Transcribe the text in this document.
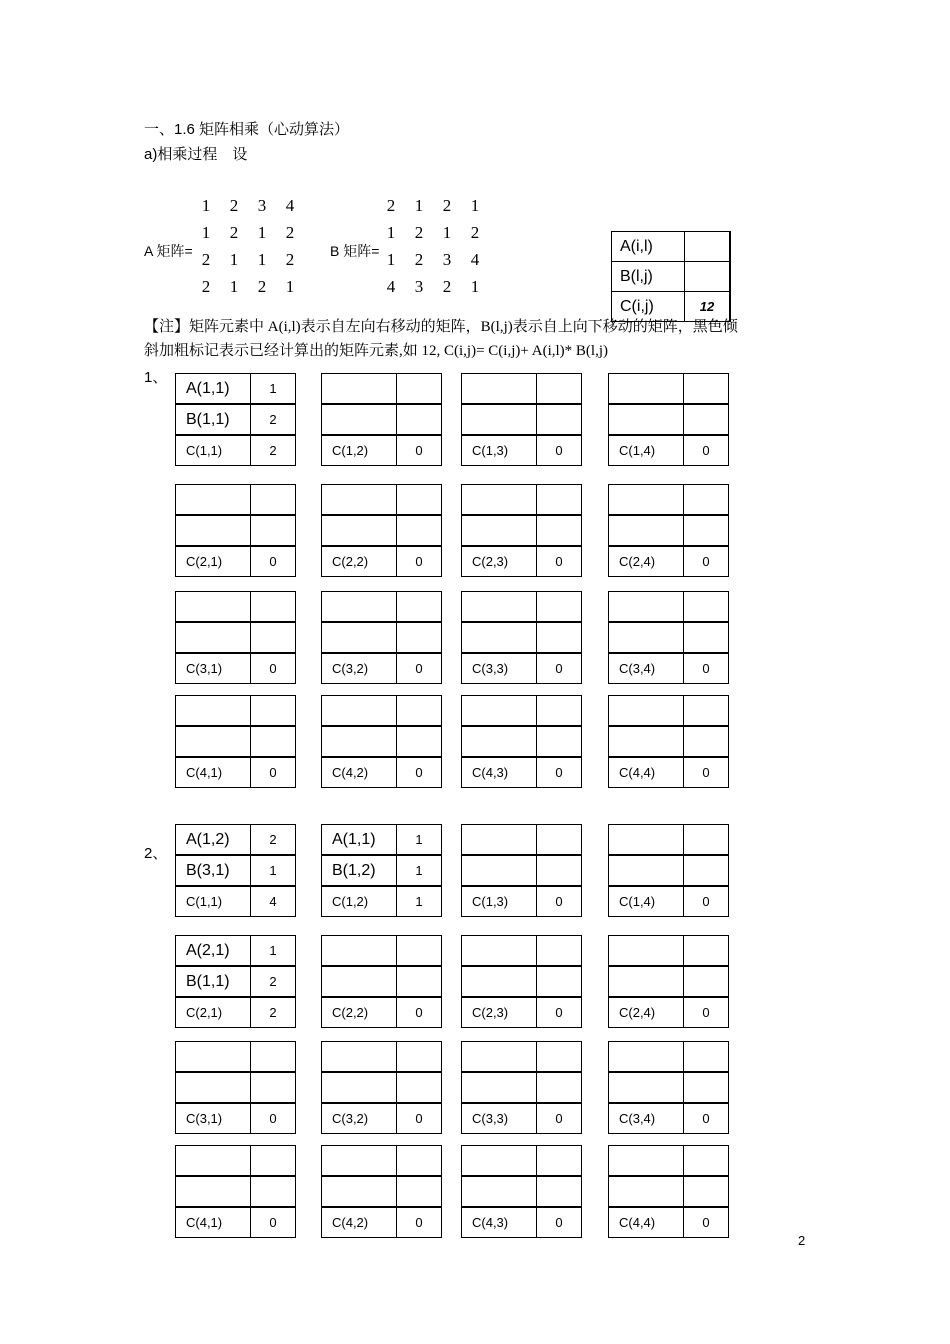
一、1.6 矩阵相乘（心动算法）
a)相乘过程　设
A 矩阵=
1 2 3 4
1 2 1 2
2 1 1 2
2 1 2 1
B 矩阵=
2 1 2 1
1 2 1 2
1 2 3 4
4 3 2 1
A(i,l)	
B(l,j)	
C(i,j)	12
【注】矩阵元素中 A(i,l)表示自左向右移动的矩阵，B(l,j)表示自上向下移动的矩阵，黑色倾
斜加粗标记表示已经计算出的矩阵元素,如 12, C(i,j)= C(i,j)+ A(i,l)* B(l,j)
1、
2、
A(1,1)	1
B(1,1)	2
C(1,1)	2

		C(1,2)	0

		C(1,3)	0

		C(1,4)	0

C(2,1)	0

		C(2,2)	0

		C(2,3)	0

		C(2,4)	0

C(3,1)	0

		C(3,2)	0

		C(3,3)	0

		C(3,4)	0

C(4,1)	0

		C(4,2)	0

		C(4,3)	0

		C(4,4)	0
A(1,2)	2
B(3,1)	1
C(1,1)	4
A(1,1)	1
B(1,2)	1
C(1,2)	1

		C(1,3)	0

		C(1,4)	0
A(2,1)	1
B(1,1)	2
C(2,1)	2

		C(2,2)	0

		C(2,3)	0

		C(2,4)	0

C(3,1)	0

		C(3,2)	0

		C(3,3)	0

		C(3,4)	0

C(4,1)	0

		C(4,2)	0

		C(4,3)	0

		C(4,4)	0
2
